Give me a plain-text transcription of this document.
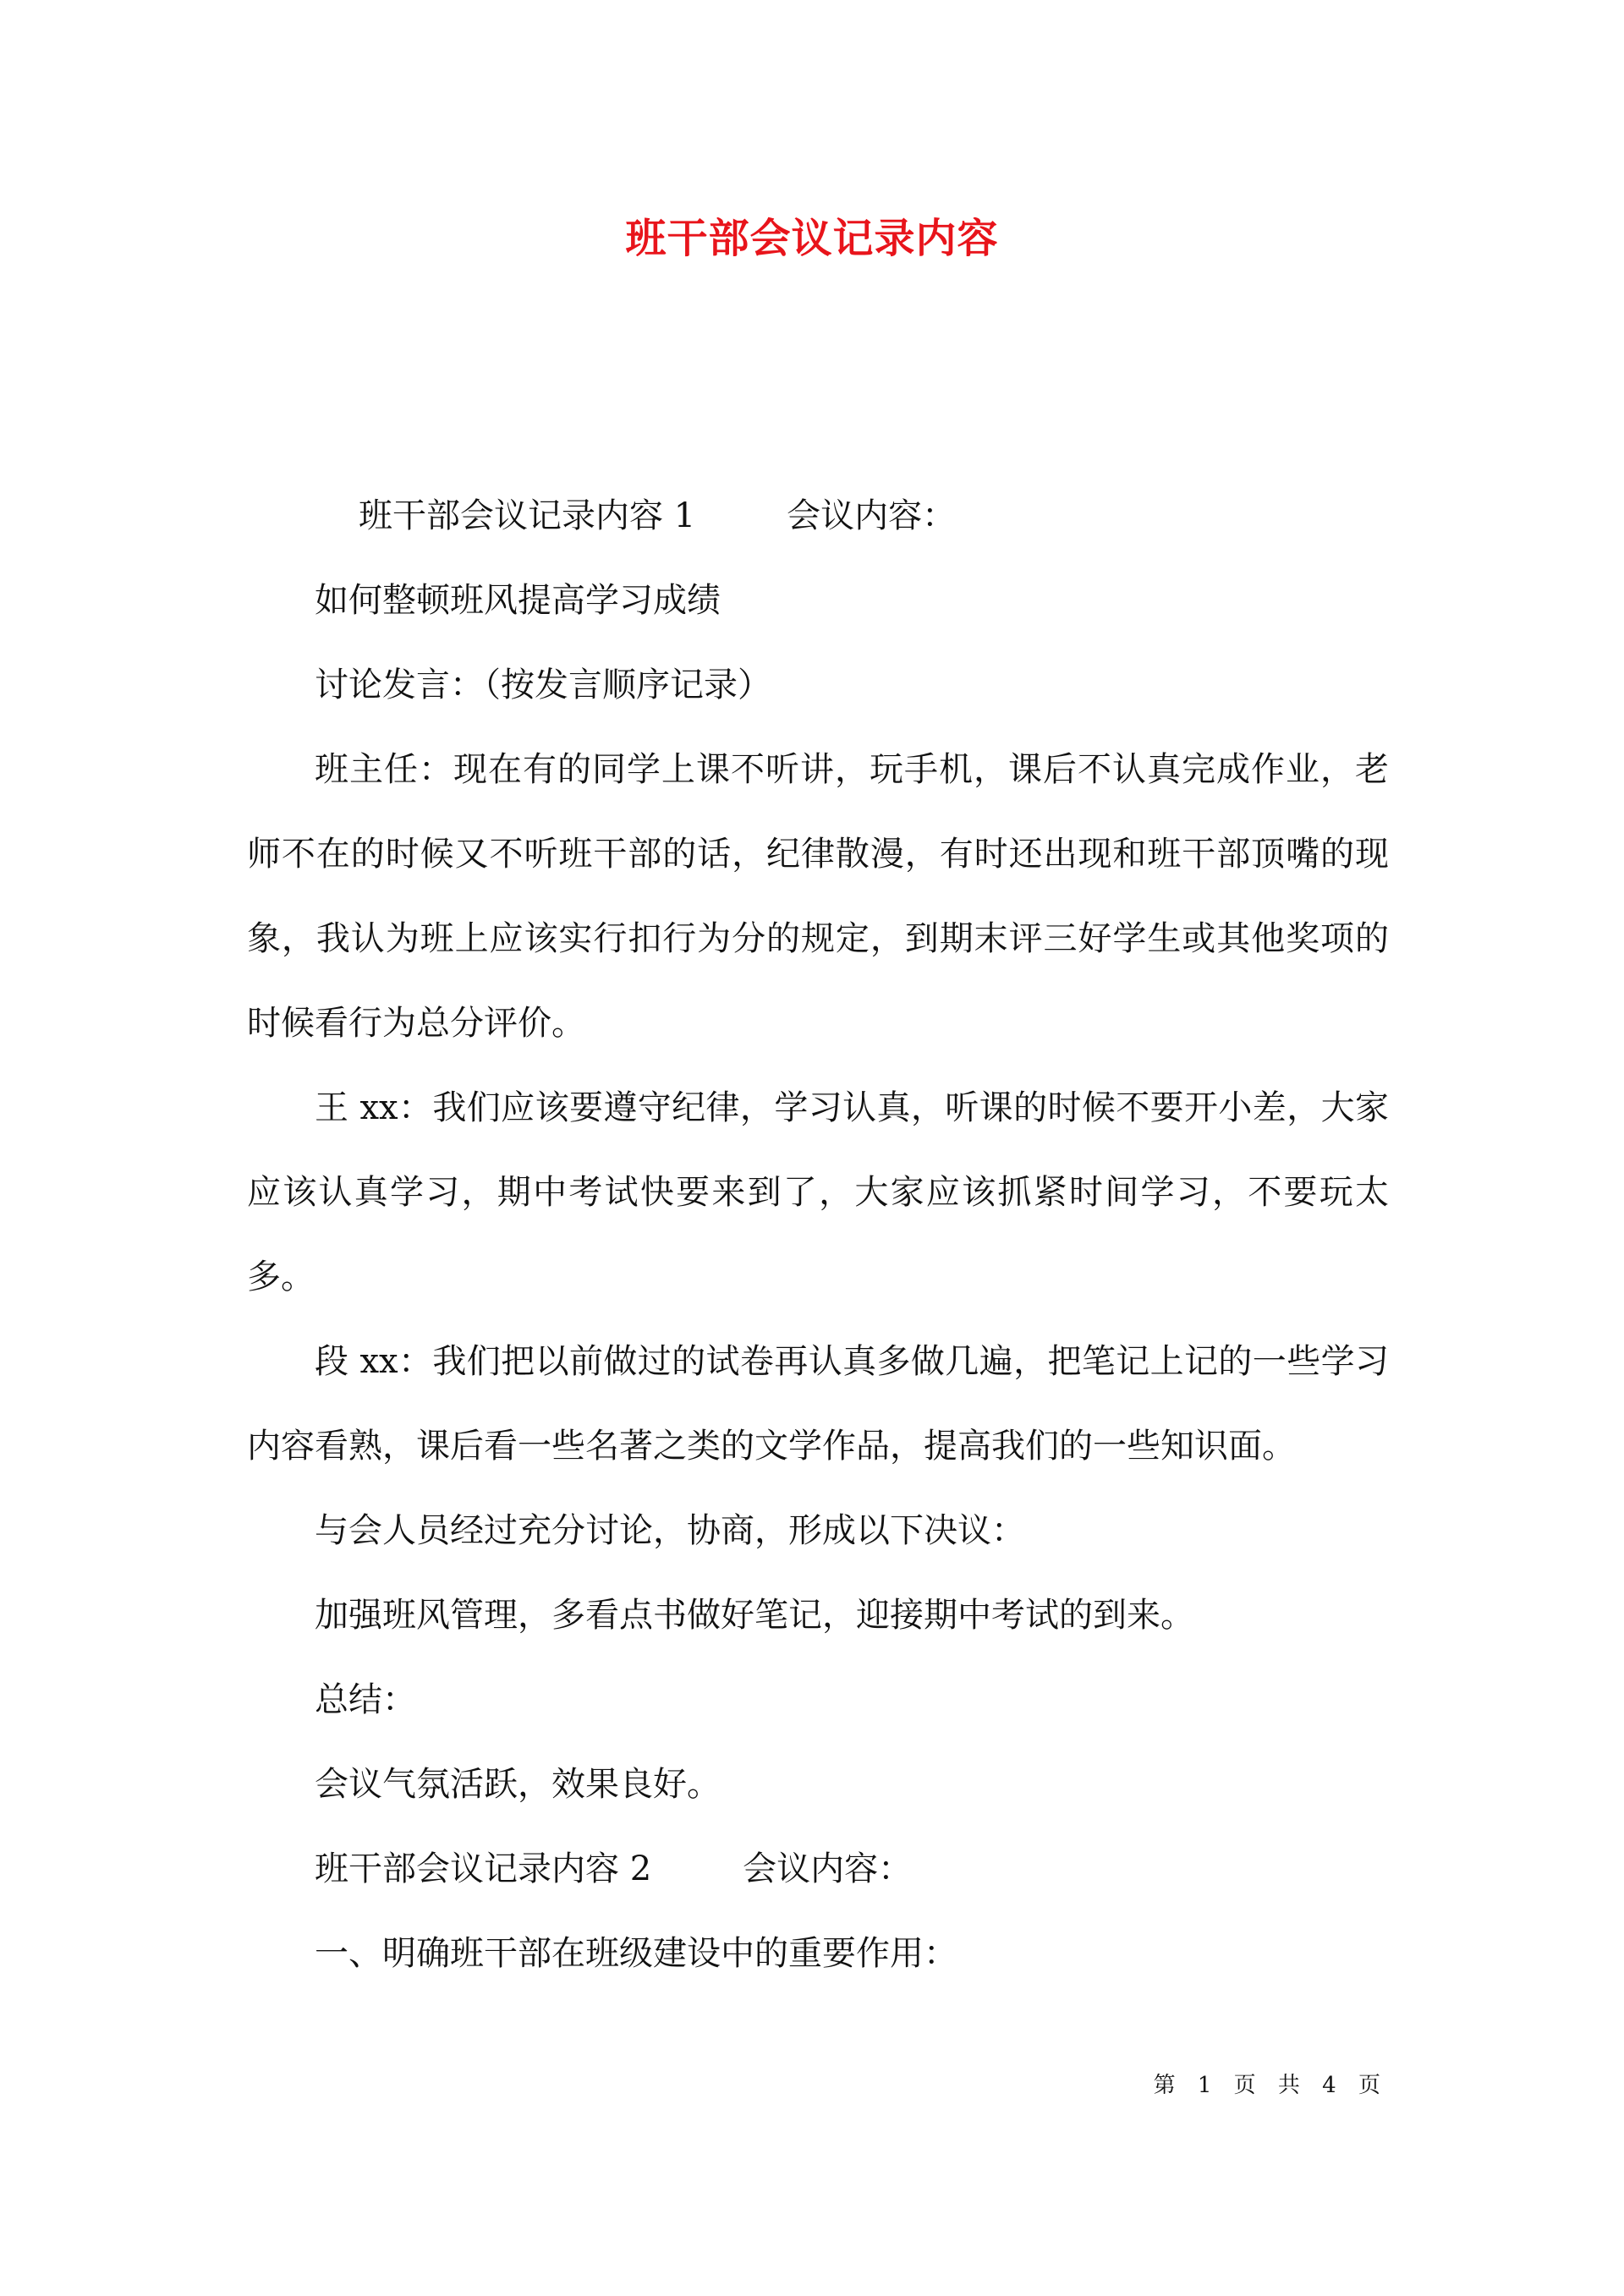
班干部会议记录内容

班干部会议记录内容 1	会议内容：

如何整顿班风提高学习成绩

讨论发言：（按发言顺序记录）

班主任：现在有的同学上课不听讲，玩手机，课后不认真完成作业，老师不在的时候又不听班干部的话，纪律散漫，有时还出现和班干部顶嘴的现象，我认为班上应该实行扣行为分的规定，到期末评三好学生或其他奖项的时候看行为总分评价。

王 xx：我们应该要遵守纪律，学习认真，听课的时候不要开小差，大家应该认真学习，期中考试快要来到了，大家应该抓紧时间学习，不要玩太多。

段 xx：我们把以前做过的试卷再认真多做几遍，把笔记上记的一些学习内容看熟，课后看一些名著之类的文学作品，提高我们的一些知识面。

与会人员经过充分讨论，协商，形成以下决议：

加强班风管理，多看点书做好笔记，迎接期中考试的到来。

总结：

会议气氛活跃，效果良好。

班干部会议记录内容 2	会议内容：

一、明确班干部在班级建设中的重要作用：

第 1 页 共 4 页
